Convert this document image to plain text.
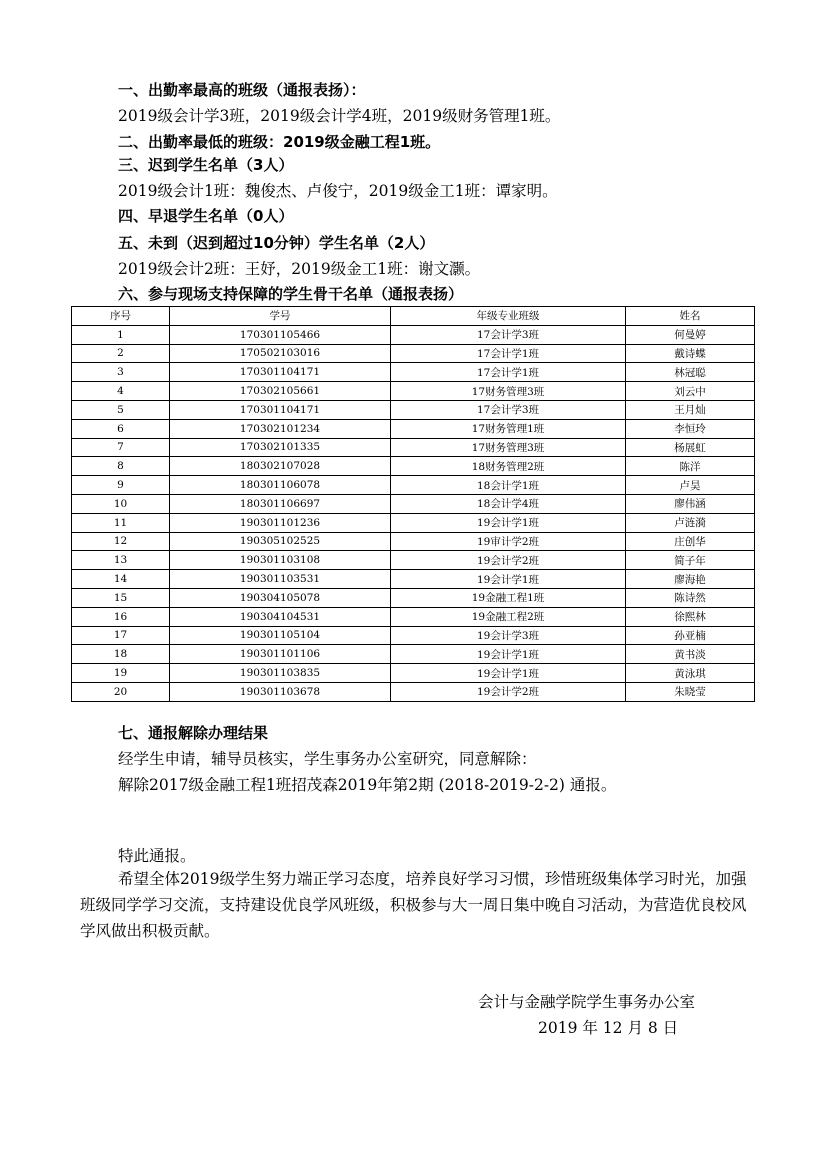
一、出勤率最高的班级（通报表扬）：
2019级会计学3班，2019级会计学4班，2019级财务管理1班。
二、出勤率最低的班级：2019级金融工程1班。
三、迟到学生名单（3人）
2019级会计1班：魏俊杰、卢俊宁，2019级金工1班：谭家明。
四、早退学生名单（0人）
五、未到（迟到超过10分钟）学生名单（2人）
2019级会计2班：王妤，2019级金工1班：谢文灏。
六、参与现场支持保障的学生骨干名单（通报表扬）
序号	学号	年级专业班级	姓名
1	170301105466	17会计学3班	何曼婷
2	170502103016	17会计学1班	戴诗蝶
3	170301104171	17会计学1班	林冠聪
4	170302105661	17财务管理3班	刘云中
5	170301104171	17会计学3班	王月灿
6	170302101234	17财务管理1班	李恒玲
7	170302101335	17财务管理3班	杨展虹
8	180302107028	18财务管理2班	陈洋
9	180301106078	18会计学1班	卢昊
10	180301106697	18会计学4班	廖伟涵
11	190301101236	19会计学1班	卢涟漪
12	190305102525	19审计学2班	庄创华
13	190301103108	19会计学2班	简子年
14	190301103531	19会计学1班	廖海艳
15	190304105078	19金融工程1班	陈诗然
16	190304104531	19金融工程2班	徐熙林
17	190301105104	19会计学3班	孙亚楠
18	190301101106	19会计学1班	黄书淡
19	190301103835	19会计学1班	黄泳琪
20	190301103678	19会计学2班	朱晓莹
七、通报解除办理结果
经学生申请，辅导员核实，学生事务办公室研究，同意解除：
解除2017级金融工程1班招茂森2019年第2期 (2018-2019-2-2) 通报。
特此通报。
希望全体2019级学生努力端正学习态度，培养良好学习习惯，珍惜班级集体学习时光，加强班级同学学习交流，支持建设优良学风班级，积极参与大一周日集中晚自习活动，为营造优良校风学风做出积极贡献。
会计与金融学院学生事务办公室
2019 年 12 月 8 日
